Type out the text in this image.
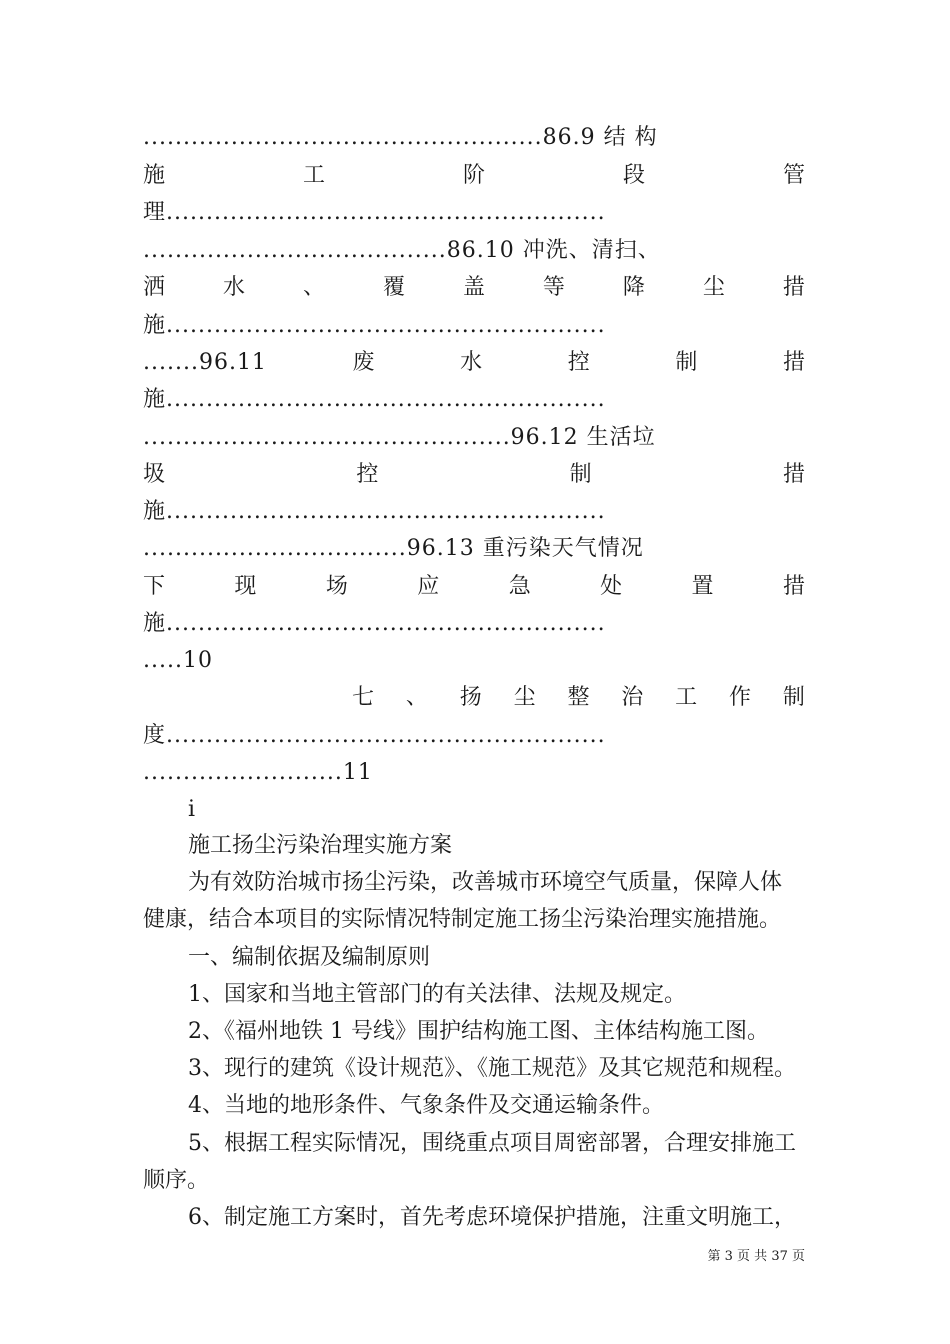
..................................................86.9 结 构
施	工	阶	段	管
理.......................................................
......................................86.10 冲洗、清扫、
洒	水	、	覆	盖	等	降	尘	措
施.......................................................
.......96.11	废	水	控	制	措
施.......................................................
..............................................96.12 生活垃
圾	控	制	措
施.......................................................
.................................96.13 重污染天气情况
下	现	场	应	急	处	置	措
施.......................................................
.....10
七 、 扬 尘 整 治 工 作 制
度.......................................................
.........................11
i
施工扬尘污染治理实施方案
为有效防治城市扬尘污染，改善城市环境空气质量，保障人体
健康，结合本项目的实际情况特制定施工扬尘污染治理实施措施。
一、编制依据及编制原则
1、国家和当地主管部门的有关法律、法规及规定。
2、《福州地铁 1 号线》围护结构施工图、主体结构施工图。
3、现行的建筑《设计规范》、《施工规范》及其它规范和规程。
4、当地的地形条件、气象条件及交通运输条件。
5、根据工程实际情况，围绕重点项目周密部署，合理安排施工
顺序。
6、制定施工方案时，首先考虑环境保护措施，注重文明施工，
第 3 页 共 37 页
